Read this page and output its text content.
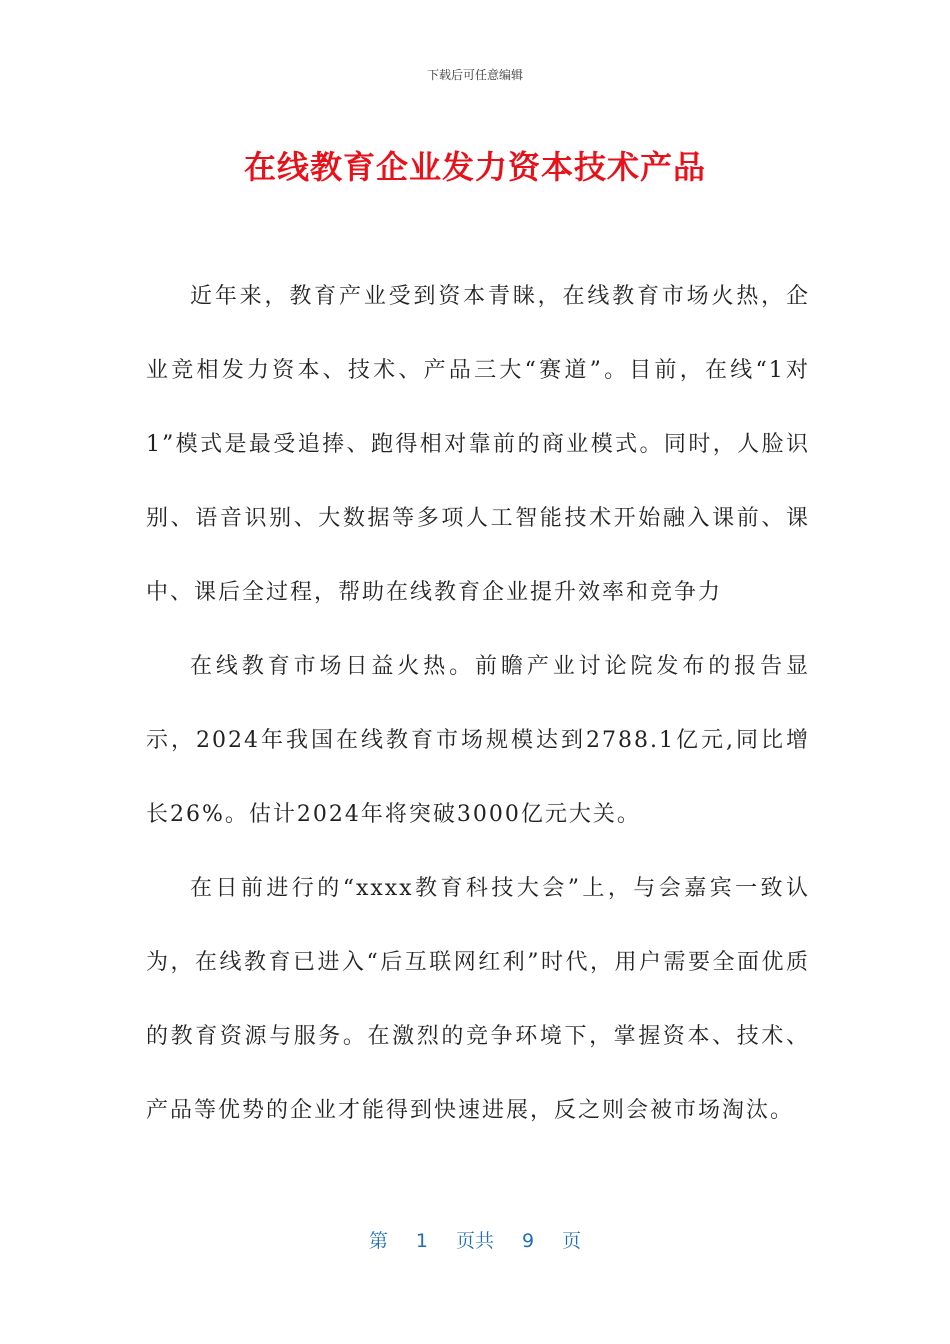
下载后可任意编辑
在线教育企业发力资本技术产品

近年来，教育产业受到资本青睐，在线教育市场火热，企业竞相发力资本、技术、产品三大“赛道”。目前，在线“1对1”模式是最受追捧、跑得相对靠前的商业模式。同时，人脸识别、语音识别、大数据等多项人工智能技术开始融入课前、课中、课后全过程，帮助在线教育企业提升效率和竞争力

在线教育市场日益火热。前瞻产业讨论院发布的报告显示，2024年我国在线教育市场规模达到2788.1亿元,同比增长26%。估计2024年将突破3000亿元大关。

在日前进行的“xxxx教育科技大会”上，与会嘉宾一致认为，在线教育已进入“后互联网红利”时代，用户需要全面优质的教育资源与服务。在激烈的竞争环境下，掌握资本、技术、产品等优势的企业才能得到快速进展，反之则会被市场淘汰。

第 1 页共 9 页
